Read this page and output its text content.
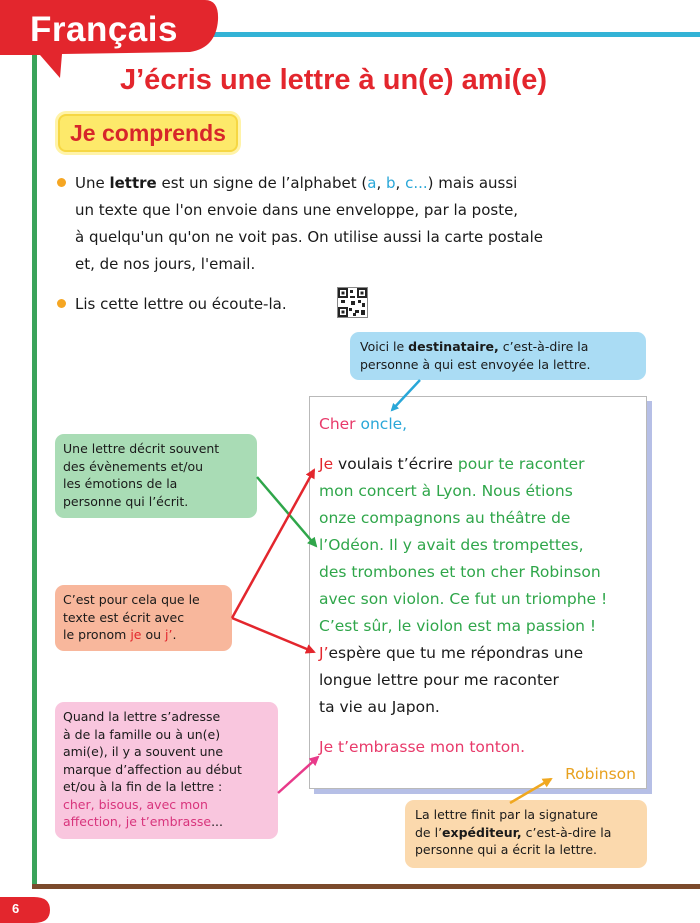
Français
J’écris une lettre à un(e) ami(e)
Je comprends
Une lettre est un signe de l’alphabet (a, b, c...) mais aussi
un texte que l'on envoie dans une enveloppe, par la poste,
à quelqu'un qu'on ne voit pas. On utilise aussi la carte postale
et, de nos jours, l'email.
Lis cette lettre ou écoute-la.
Voici le destinataire, c’est-à-dire la
personne à qui est envoyée la lettre.
Une lettre décrit souvent
des évènements et/ou
les émotions de la
personne qui l’écrit.
C’est pour cela que le
texte est écrit avec
le pronom je ou j’.
Quand la lettre s’adresse
à de la famille ou à un(e)
ami(e), il y a souvent une
marque d’affection au début
et/ou à la fin de la lettre :
cher, bisous, avec mon
affection, je t’embrasse...	La lettre finit par la signature
de l’expéditeur, c’est-à-dire la
personne qui a écrit la lettre.
Cher oncle,
Je voulais t’écrire pour te raconter
mon concert à Lyon. Nous étions
onze compagnons au théâtre de
l’Odéon. Il y avait des trompettes,
des trombones et ton cher Robinson
avec son violon. Ce fut un triomphe !
C’est sûr, le violon est ma passion !
J’espère que tu me répondras une
longue lettre pour me raconter
ta vie au Japon.
Je t’embrasse mon tonton.
Robinson
6
